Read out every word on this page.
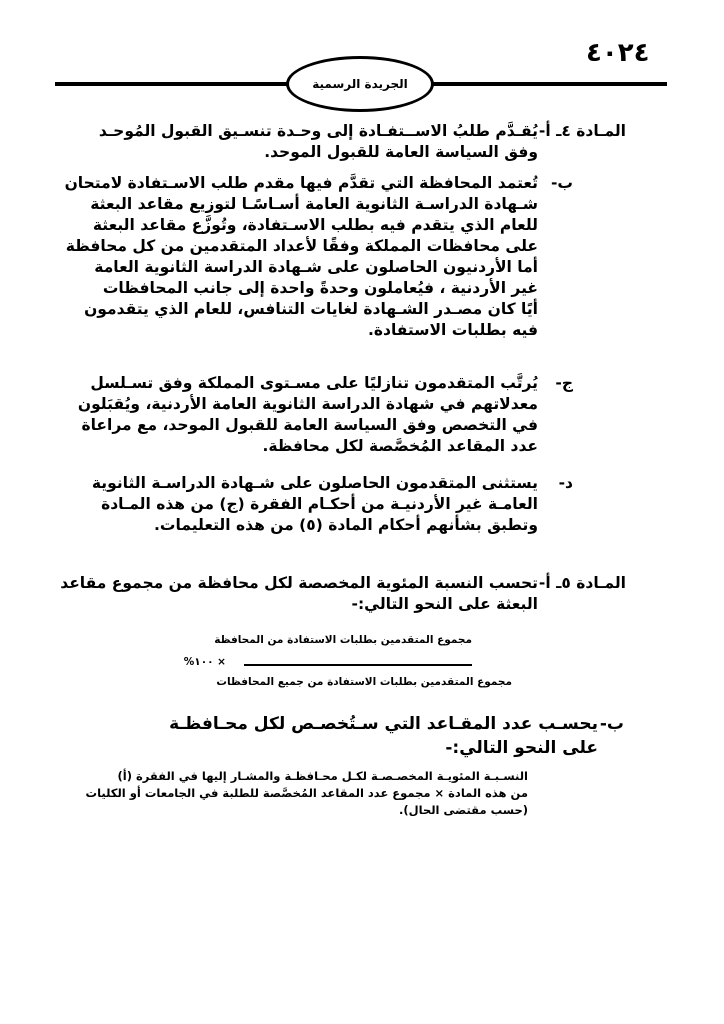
٤٠٢٤
الجريدة الرسمية
المـادة ٤ـ أ-
يُقـدَّم طلبُ الاســتفـادة إلى وحـدة تنسـيق القبول المُوحـد
وفق السياسة العامة للقبول الموحد.
ب-
تُعتمد المحافظة التي تقدَّم فيها مقدم طلب الاسـتفادة لامتحان
شـهادة الدراسـة الثانوية العامة أسـاسًـا لتوزيع مقاعد البعثة
للعام الذي يتقدم فيه بطلب الاسـتفادة، وتُوزَّع مقاعد البعثة
على محافظات المملكة وفقًا لأعداد المتقدمين من كل محافظة
أما الأردنيون الحاصلون على شـهادة الدراسة الثانوية العامة
غير الأردنية ، فيُعاملون وحدةً واحدة إلى جانب المحافظات
أيًا كان مصـدر الشـهادة لغايات التنافس، للعام الذي يتقدمون
فيه بطلبات الاستفادة.
ج-
يُرتَّب المتقدمون تنازليًا على مسـتوى المملكة وفق تسـلسل
معدلاتهم في شهادة الدراسة الثانوية العامة الأردنية، ويُقبَلون
في التخصص وفق السياسة العامة للقبول الموحد، مع مراعاة
عدد المقاعد المُخصَّصة لكل محافظة.
د-
يستثنى المتقدمون الحاصلون على شـهادة الدراسـة الثانوية
العامـة غير الأردنيـة من أحكـام الفقرة (ج) من هذه المـادة
وتطبق بشأنهم أحكام المادة (٥) من هذه التعليمات.
المـادة ٥ـ أ-
تحسب النسبة المئوية المخصصة لكل محافظة من مجموع مقاعد
البعثة على النحو التالي:-
مجموع المتقدمين بطلبات الاستفادة من المحافظة
× ١٠٠%
مجموع المتقدمين بطلبات الاستفادة من جميع المحافظات
ب-
يحسـب عدد المقـاعد التي سـتُخصـص لكل محـافظـة
على النحو التالي:-
النسـبـة المئويـة المخصـصـة لكـل محـافظـة والمشـار إليها في الفقرة (أ)
من هذه المادة × مجموع عدد المقاعد المُخصَّصة للطلبة في الجامعات أو الكليات
(حسب مقتضى الحال).
